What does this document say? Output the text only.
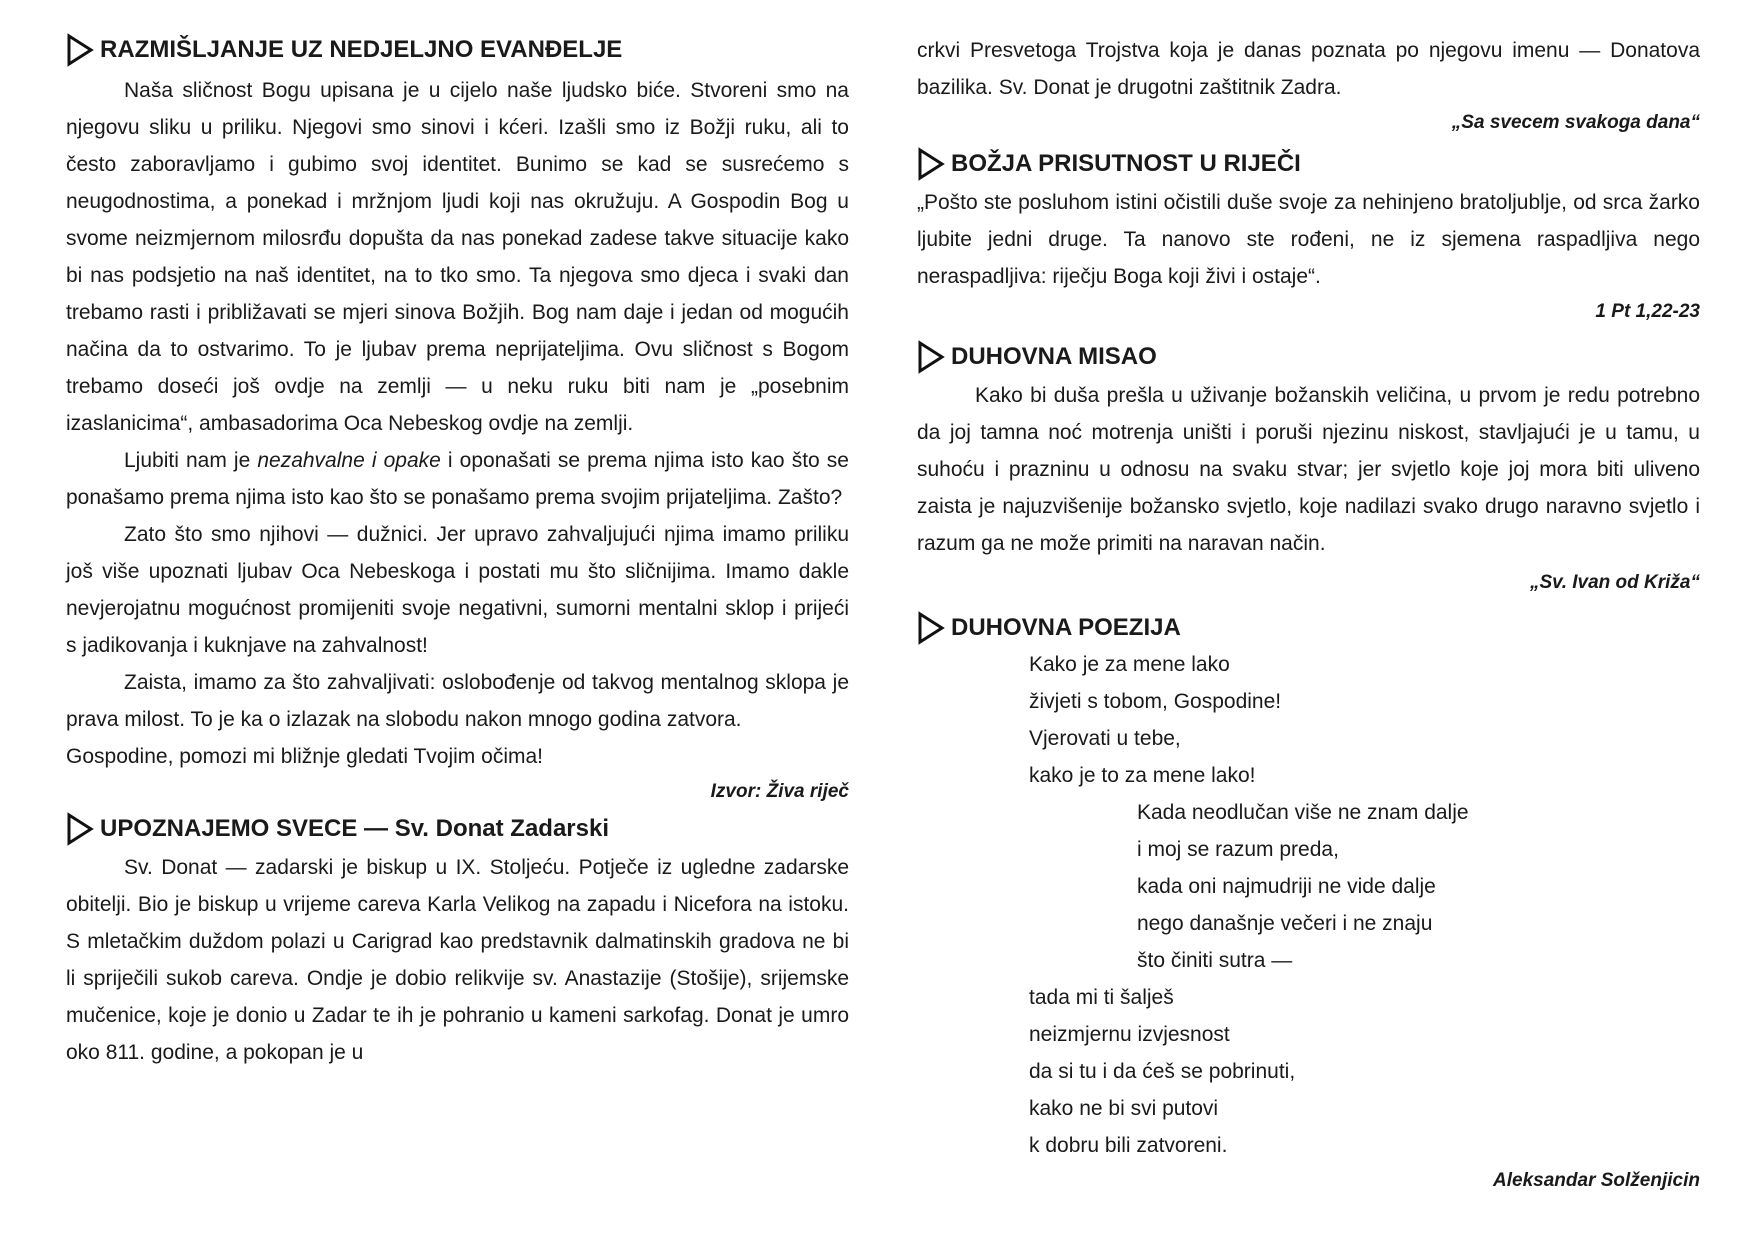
RAZMIŠLJANJE UZ NEDJELJNO EVANĐELJE

Naša sličnost Bogu upisana je u cijelo naše ljudsko biće. Stvoreni smo na njegovu sliku u priliku. Njegovi smo sinovi i kćeri. Izašli smo iz Božji ruku, ali to često zaboravljamo i gubimo svoj identitet. Bunimo se kad se susrećemo s neugodnostima, a ponekad i mržnjom ljudi koji nas okružuju. A Gospodin Bog u svome neizmjernom milosrđu dopušta da nas ponekad zadese takve situacije kako bi nas podsjetio na naš identitet, na to tko smo. Ta njegova smo djeca i svaki dan trebamo rasti i približavati se mjeri sinova Božjih. Bog nam daje i jedan od mogućih načina da to ostvarimo. To je ljubav prema neprijateljima. Ovu sličnost s Bogom trebamo doseći još ovdje na zemlji — u neku ruku biti nam je „posebnim izaslanicima“, ambasadorima Oca Nebeskog ovdje na zemlji.

Ljubiti nam je nezahvalne i opake i oponašati se prema njima isto kao što se ponašamo prema njima isto kao što se ponašamo prema svojim prijateljima. Zašto?

Zato što smo njihovi — dužnici. Jer upravo zahvaljujući njima imamo priliku još više upoznati ljubav Oca Nebeskoga i postati mu što sličnijima. Imamo dakle nevjerojatnu mogućnost promijeniti svoje negativni, sumorni mentalni sklop i prijeći s jadikovanja i kuknjave na zahvalnost!

Zaista, imamo za što zahvaljivati: oslobođenje od takvog mentalnog sklopa je prava milost. To je ka o izlazak na slobodu nakon mnogo godina zatvora.

Gospodine, pomozi mi bližnje gledati Tvojim očima!

Izvor: Živa riječ

UPOZNAJEMO SVECE — Sv. Donat Zadarski

Sv. Donat — zadarski je biskup u IX. Stoljeću. Potječe iz ugledne zadarske obitelji. Bio je biskup u vrijeme careva Karla Velikog na zapadu i Nicefora na istoku. S mletačkim duždom polazi u Carigrad kao predstavnik dalmatinskih gradova ne bi li spriječili sukob careva. Ondje je dobio relikvije sv. Anastazije (Stošije), srijemske mučenice, koje je donio u Zadar te ih je pohranio u kameni sarkofag. Donat je umro oko 811. godine, a pokopan je u

crkvi Presvetoga Trojstva koja je danas poznata po njegovu imenu — Donatova bazilika. Sv. Donat je drugotni zaštitnik Zadra.

„Sa svecem svakoga dana“

BOŽJA PRISUTNOST U RIJEČI

„Pošto ste posluhom istini očistili duše svoje za nehinjeno bratoljublje, od srca žarko ljubite jedni druge. Ta nanovo ste rođeni, ne iz sjemena raspadljiva nego neraspadljiva: riječju Boga koji živi i ostaje“.

1 Pt 1,22-23

DUHOVNA MISAO

Kako bi duša prešla u uživanje božanskih veličina, u prvom je redu potrebno da joj tamna noć motrenja uništi i poruši njezinu niskost, stavljajući je u tamu, u suhoću i prazninu u odnosu na svaku stvar; jer svjetlo koje joj mora biti uliveno zaista je najuzvišenije božansko svjetlo, koje nadilazi svako drugo naravno svjetlo i razum ga ne može primiti na naravan način.

„Sv. Ivan od Križa“

DUHOVNA POEZIJA
Kako je za mene lako
živjeti s tobom, Gospodine!
Vjerovati u tebe,
kako je to za mene lako!
Kada neodlučan više ne znam dalje
i moj se razum preda,
kada oni najmudriji ne vide dalje
nego današnje večeri i ne znaju
što činiti sutra —
tada mi ti šalješ
neizmjernu izvjesnost
da si tu i da ćeš se pobrinuti,
kako ne bi svi putovi
k dobru bili zatvoreni.

Aleksandar Solženjicin
